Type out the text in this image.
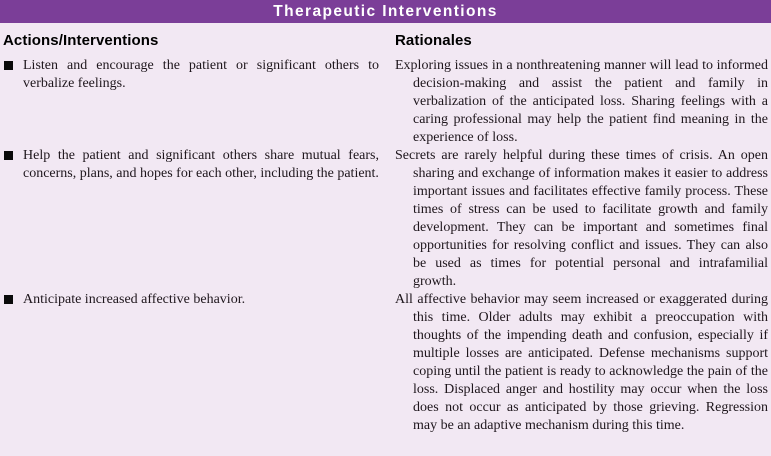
Therapeutic Interventions
Actions/Interventions	Rationales

Listen and encourage the patient or significant others to verbalize feelings.

Exploring issues in a nonthreatening manner will lead to informed decision-making and assist the patient and family in verbalization of the anticipated loss. Sharing feelings with a caring professional may help the patient find meaning in the experience of loss.

Help the patient and significant others share mutual fears, concerns, plans, and hopes for each other, including the patient.

Secrets are rarely helpful during these times of crisis. An open sharing and exchange of information makes it easier to address important issues and facilitates effective family process. These times of stress can be used to facilitate growth and family development. They can be important and sometimes final opportunities for resolving conflict and issues. They can also be used as times for potential personal and intrafamilial growth.

Anticipate increased affective behavior.	All affective behavior may seem increased or exaggerated during this time. Older adults may exhibit a preoccupation with thoughts of the impending death and confusion, especially if multiple losses are anticipated. Defense mechanisms support coping until the patient is ready to acknowledge the pain of the loss. Displaced anger and hostility may occur when the loss does not occur as anticipated by those grieving. Regression may be an adaptive mechanism during this time.
